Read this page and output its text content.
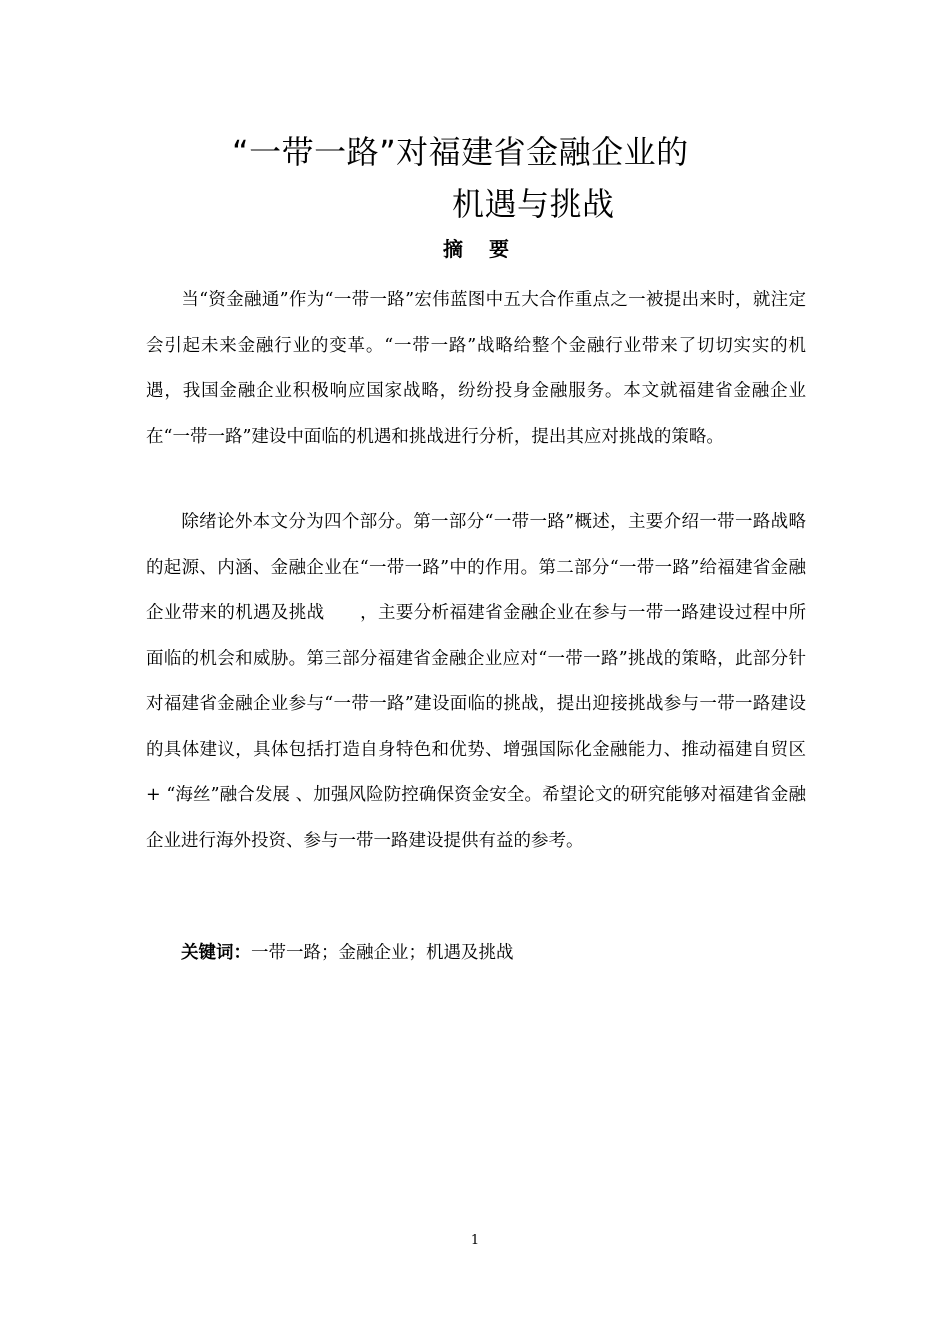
“一带一路”对福建省金融企业的
机遇与挑战
摘要

当“资金融通”作为“一带一路”宏伟蓝图中五大合作重点之一被提出来时，就注定会引起未来金融行业的变革。“一带一路”战略给整个金融行业带来了切切实实的机遇，我国金融企业积极响应国家战略，纷纷投身金融服务。本文就福建省金融企业在“一带一路”建设中面临的机遇和挑战进行分析，提出其应对挑战的策略。

除绪论外本文分为四个部分。第一部分“一带一路”概述，主要介绍一带一路战略的起源、内涵、金融企业在“一带一路”中的作用。第二部分“一带一路”给福建省金融企业带来的机遇及挑战　　，主要分析福建省金融企业在参与一带一路建设过程中所面临的机会和威胁。第三部分福建省金融企业应对“一带一路”挑战的策略，此部分针对福建省金融企业参与“一带一路”建设面临的挑战，提出迎接挑战参与一带一路建设的具体建议，具体包括打造自身特色和优势、增强国际化金融能力、推动福建自贸区+ “海丝”融合发展 、加强风险防控确保资金安全。希望论文的研究能够对福建省金融企业进行海外投资、参与一带一路建设提供有益的参考。

关键词：一带一路；金融企业；机遇及挑战
1
